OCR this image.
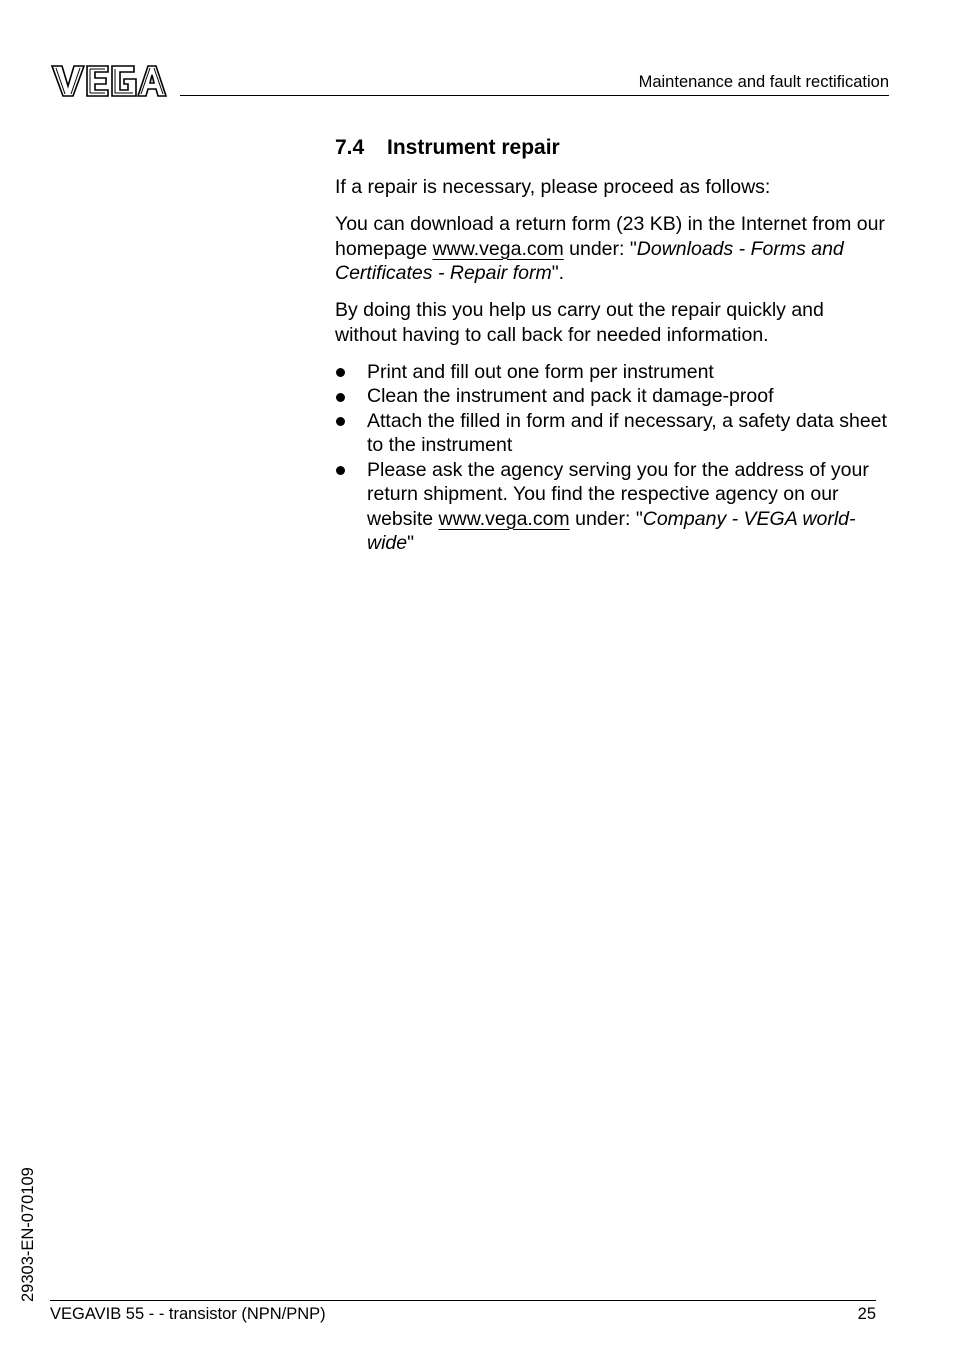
Maintenance and fault rectification
7.4 Instrument repair

If a repair is necessary, please proceed as follows:

You can download a return form (23 KB) in the Internet from our homepage www.vega.com under: "Downloads - Forms and Certificates - Repair form".

By doing this you help us carry out the repair quickly and without having to call back for needed information.

Print and fill out one form per instrument
Clean the instrument and pack it damage-proof
Attach the filled in form and if necessary, a safety data sheet to the instrument
Please ask the agency serving you for the address of your return shipment. You find the respective agency on our website www.vega.com under: "Company - VEGA world-wide"
29303-EN-070109
VEGAVIB 55 - - transistor (NPN/PNP)	25
